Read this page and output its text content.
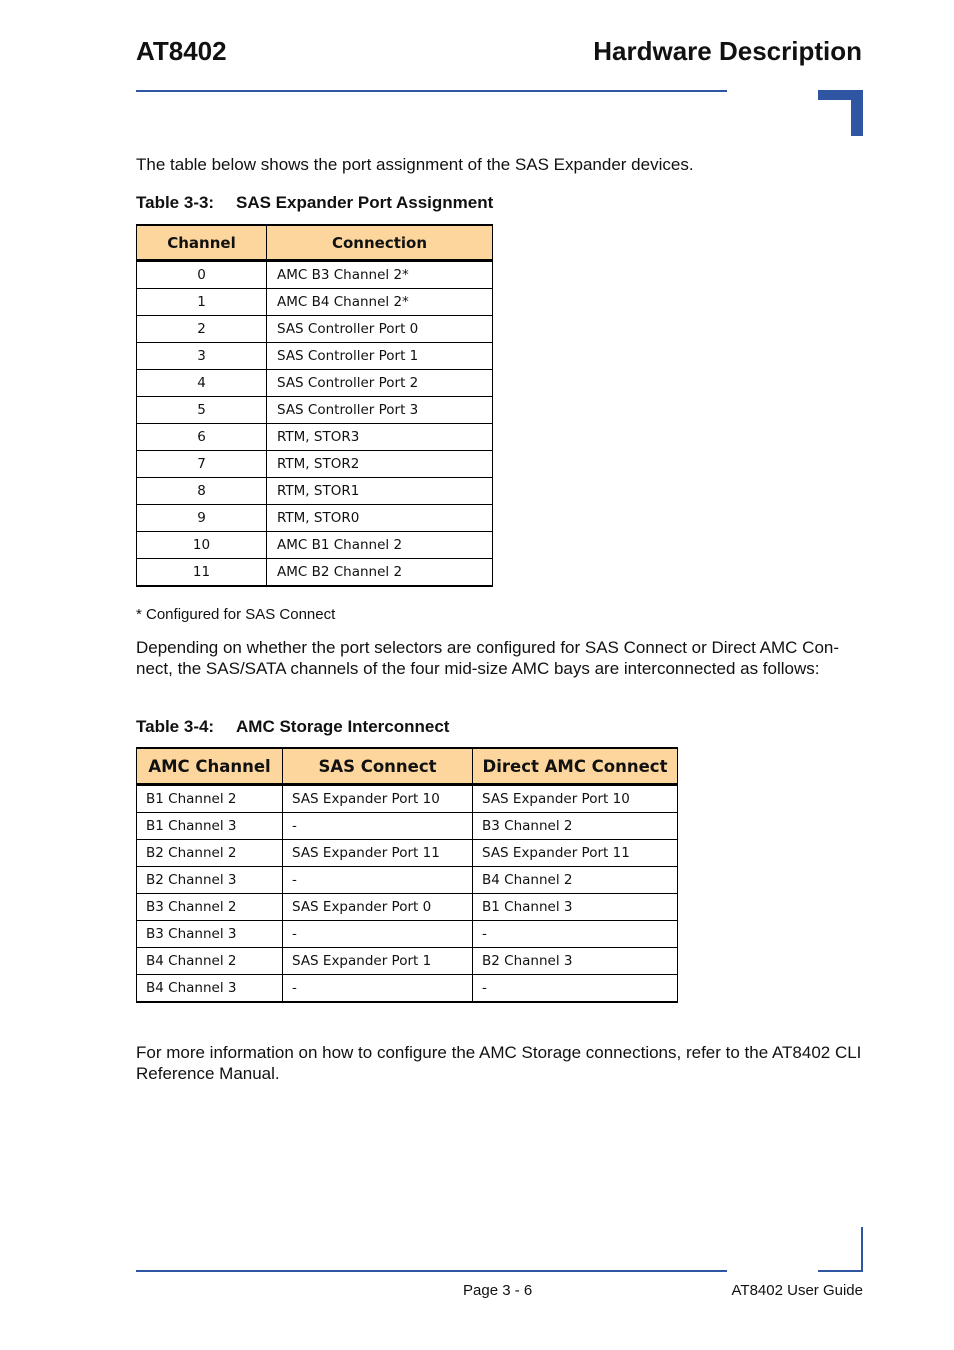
AT8402	Hardware Description
The table below shows the port assignment of the SAS Expander devices.
Table 3-3: SAS Expander Port Assignment
Channel	Connection
0	AMC B3 Channel 2*
1	AMC B4 Channel 2*
2	SAS Controller Port 0
3	SAS Controller Port 1
4	SAS Controller Port 2
5	SAS Controller Port 3
6	RTM, STOR3
7	RTM, STOR2
8	RTM, STOR1
9	RTM, STOR0
10	AMC B1 Channel 2
11	AMC B2 Channel 2
* Configured for SAS Connect
Depending on whether the port selectors are configured for SAS Connect or Direct AMC Con-nect, the SAS/SATA channels of the four mid-size AMC bays are interconnected as follows:
Table 3-4: AMC Storage Interconnect
AMC Channel	SAS Connect	Direct AMC Connect
B1 Channel 2	SAS Expander Port 10	SAS Expander Port 10
B1 Channel 3	-	B3 Channel 2
B2 Channel 2	SAS Expander Port 11	SAS Expander Port 11
B2 Channel 3	-	B4 Channel 2
B3 Channel 2	SAS Expander Port 0	B1 Channel 3
B3 Channel 3	-	-
B4 Channel 2	SAS Expander Port 1	B2 Channel 3
B4 Channel 3	-	-
For more information on how to configure the AMC Storage connections, refer to the AT8402 CLI Reference Manual.
Page 3 - 6	AT8402 User Guide
